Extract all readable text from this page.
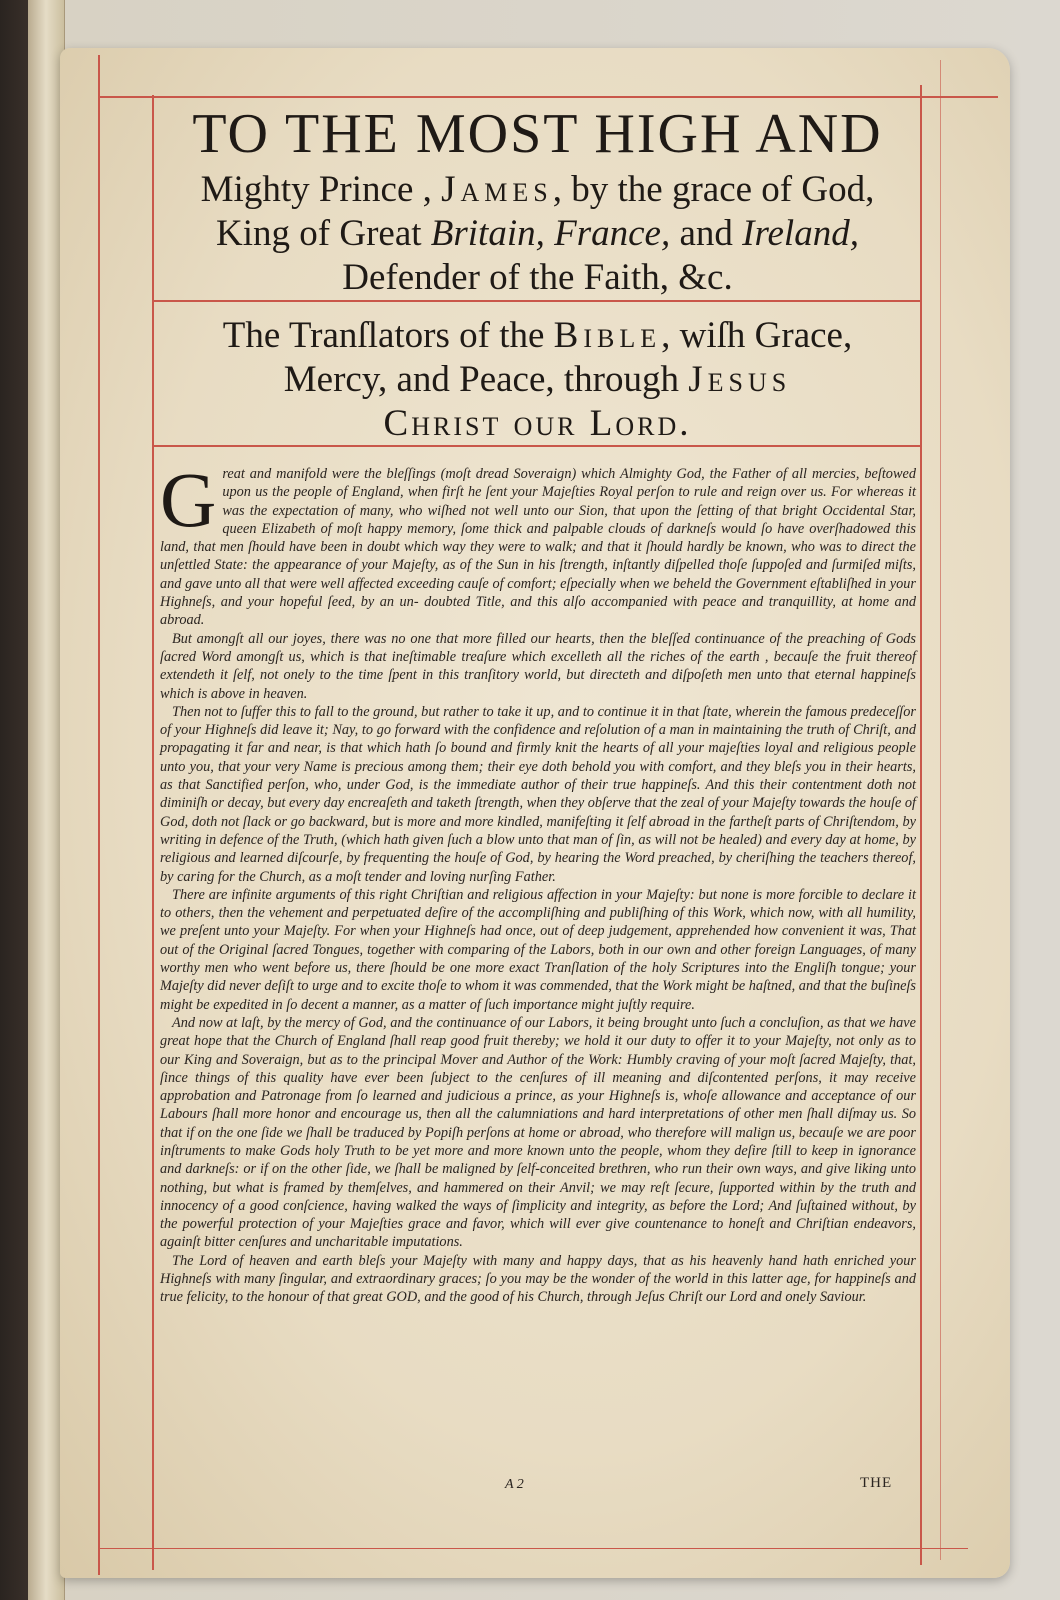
TO THE MOST HIGH AND
Mighty Prince , James, by the grace of God,
King of Great Britain, France, and Ireland,
Defender of the Faith, &c.
The Tranſlators of the Bible, wiſh Grace,
Mercy, and Peace, through Jesus
Christ our Lord.

Great and manifold were the bleſſings (moſt dread Soveraign) which Almighty God, the Father of all mercies, beſtowed upon us the people of England, when firſt he ſent your Majeſties Royal perſon to rule and reign over us. For whereas it was the expectation of many, who wiſhed not well unto our Sion, that upon the ſetting of that bright Occidental Star, queen Elizabeth of moſt happy memory, ſome thick and palpable clouds of darkneſs would ſo have overſhadowed this land, that men ſhould have been in doubt which way they were to walk; and that it ſhould hardly be known, who was to direct the unſettled State: the appearance of your Majeſty, as of the Sun in his ſtrength, inſtantly diſpelled thoſe ſuppoſed and ſurmiſed miſts, and gave unto all that were well affected exceeding cauſe of comfort; eſpecially when we beheld the Government eſtabliſhed in your Highneſs, and your hopeful ſeed, by an un- doubted Title, and this alſo accompanied with peace and tranquillity, at home and abroad.

But amongſt all our joyes, there was no one that more filled our hearts, then the bleſſed continuance of the preaching of Gods ſacred Word amongſt us, which is that ineſtimable treaſure which excelleth all the riches of the earth , becauſe the fruit thereof extendeth it ſelf, not onely to the time ſpent in this tranſitory world, but directeth and diſpoſeth men unto that eternal happineſs which is above in heaven.

Then not to ſuffer this to fall to the ground, but rather to take it up, and to continue it in that ſtate, wherein the famous predeceſſor of your Highneſs did leave it; Nay, to go forward with the confidence and reſolution of a man in maintaining the truth of Chriſt, and propagating it far and near, is that which hath ſo bound and firmly knit the hearts of all your majeſties loyal and religious people unto you, that your very Name is precious among them; their eye doth behold you with comfort, and they bleſs you in their hearts, as that Sanctified perſon, who, under God, is the immediate author of their true happineſs. And this their contentment doth not diminiſh or decay, but every day encreaſeth and taketh ſtrength, when they obſerve that the zeal of your Majeſty towards the houſe of God, doth not ſlack or go backward, but is more and more kindled, manifeſting it ſelf abroad in the fartheſt parts of Chriſtendom, by writing in defence of the Truth, (which hath given ſuch a blow unto that man of ſin, as will not be healed) and every day at home, by religious and learned diſcourſe, by frequenting the houſe of God, by hearing the Word preached, by cheriſhing the teachers thereof, by caring for the Church, as a moſt tender and loving nurſing Father.

There are infinite arguments of this right Chriſtian and religious affection in your Majeſty: but none is more forcible to declare it to others, then the vehement and perpetuated deſire of the accompliſhing and publiſhing of this Work, which now, with all humility, we preſent unto your Majeſty. For when your Highneſs had once, out of deep judgement, apprehended how convenient it was, That out of the Original ſacred Tongues, together with comparing of the Labors, both in our own and other foreign Languages, of many worthy men who went before us, there ſhould be one more exact Tranſlation of the holy Scriptures into the Engliſh tongue; your Majeſty did never deſiſt to urge and to excite thoſe to whom it was commended, that the Work might be haſtned, and that the buſineſs might be expedited in ſo decent a manner, as a matter of ſuch importance might juſtly require.

And now at laſt, by the mercy of God, and the continuance of our Labors, it being brought unto ſuch a concluſion, as that we have great hope that the Church of England ſhall reap good fruit thereby; we hold it our duty to offer it to your Majeſty, not only as to our King and Soveraign, but as to the principal Mover and Author of the Work: Humbly craving of your moſt ſacred Majeſty, that, ſince things of this quality have ever been ſubject to the cenſures of ill meaning and diſcontented perſons, it may receive approbation and Patronage from ſo learned and judicious a prince, as your Highneſs is, whoſe allowance and acceptance of our Labours ſhall more honor and encourage us, then all the calumniations and hard interpretations of other men ſhall diſmay us. So that if on the one ſide we ſhall be traduced by Popiſh perſons at home or abroad, who therefore will malign us, becauſe we are poor inſtruments to make Gods holy Truth to be yet more and more known unto the people, whom they deſire ſtill to keep in ignorance and darkneſs: or if on the other ſide, we ſhall be maligned by ſelf-conceited brethren, who run their own ways, and give liking unto nothing, but what is framed by themſelves, and hammered on their Anvil; we may reſt ſecure, ſupported within by the truth and innocency of a good conſcience, having walked the ways of ſimplicity and integrity, as before the Lord; And ſuſtained without, by the powerful protection of your Majeſties grace and favor, which will ever give countenance to honeſt and Chriſtian endeavors, againſt bitter cenſures and uncharitable imputations.

The Lord of heaven and earth bleſs your Majeſty with many and happy days, that as his heavenly hand hath enriched your Highneſs with many ſingular, and extraordinary graces; ſo you may be the wonder of the world in this latter age, for happineſs and true felicity, to the honour of that great GOD, and the good of his Church, through Jeſus Chriſt our Lord and onely Saviour.

A 2	THE
